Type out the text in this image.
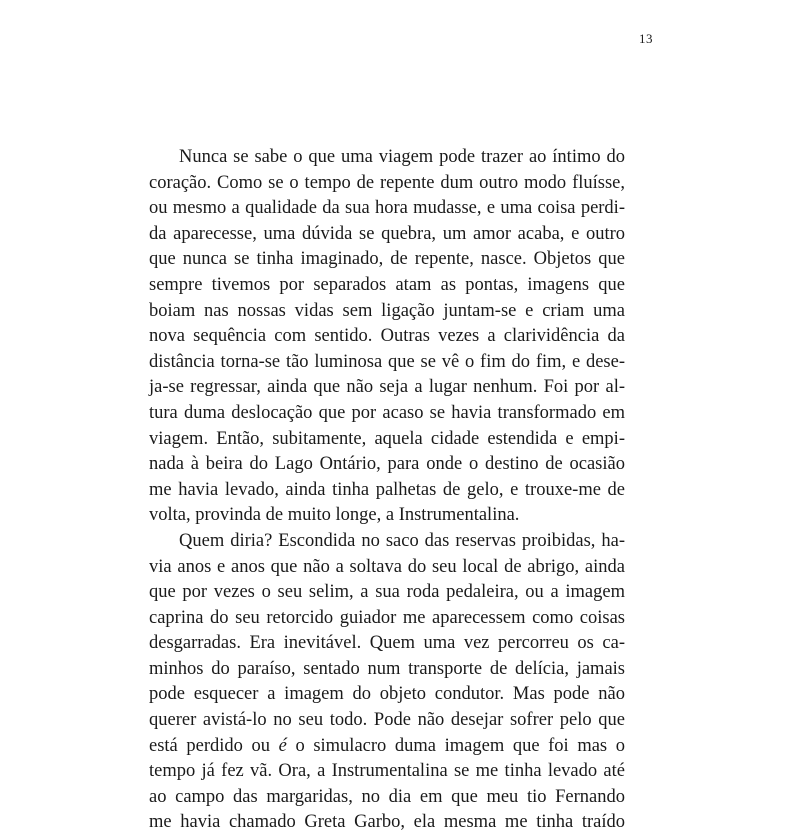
13
Nunca se sabe o que uma viagem pode trazer ao íntimo do
coração. Como se o tempo de repente dum outro modo fluísse,
ou mesmo a qualidade da sua hora mudasse, e uma coisa perdi-
da aparecesse, uma dúvida se quebra, um amor acaba, e outro
que nunca se tinha imaginado, de repente, nasce. Objetos que
sempre tivemos por separados atam as pontas, imagens que
boiam nas nossas vidas sem ligação juntam-se e criam uma
nova sequência com sentido. Outras vezes a clarividência da
distância torna-se tão luminosa que se vê o fim do fim, e dese-
ja-se regressar, ainda que não seja a lugar nenhum. Foi por al-
tura duma deslocação que por acaso se havia transformado em
viagem. Então, subitamente, aquela cidade estendida e empi-
nada à beira do Lago Ontário, para onde o destino de ocasião
me havia levado, ainda tinha palhetas de gelo, e trouxe-me de
volta, provinda de muito longe, a Instrumentalina.
Quem diria? Escondida no saco das reservas proibidas, ha-
via anos e anos que não a soltava do seu local de abrigo, ainda
que por vezes o seu selim, a sua roda pedaleira, ou a imagem
caprina do seu retorcido guiador me aparecessem como coisas
desgarradas. Era inevitável. Quem uma vez percorreu os ca-
minhos do paraíso, sentado num transporte de delícia, jamais
pode esquecer a imagem do objeto condutor. Mas pode não
querer avistá-lo no seu todo. Pode não desejar sofrer pelo que
está perdido ou é o simulacro duma imagem que foi mas o
tempo já fez vã. Ora, a Instrumentalina se me tinha levado até
ao campo das margaridas, no dia em que meu tio Fernando
me havia chamado Greta Garbo, ela mesma me tinha traído
